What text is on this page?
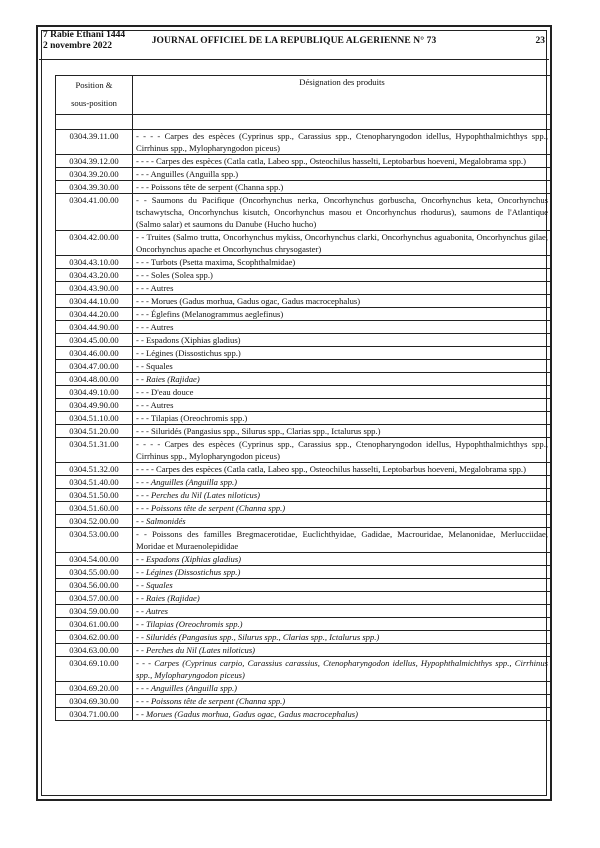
7 Rabie Ethani 1444
2 novembre 2022	JOURNAL OFFICIEL DE LA REPUBLIQUE ALGERIENNE N° 73	23
Position &
sous-position	Désignation des produits

0304.39.11.00	- - - - Carpes des espèces (Cyprinus spp., Carassius spp., Ctenopharyngodon idellus, Hypophthalmichthys spp., Cirrhinus spp., Mylopharyngodon piceus)
0304.39.12.00	- - - - Carpes des espèces (Catla catla, Labeo spp., Osteochilus hasselti, Leptobarbus hoeveni, Megalobrama spp.)
0304.39.20.00	- - - Anguilles (Anguilla spp.)
0304.39.30.00	- - - Poissons tête de serpent (Channa spp.)
0304.41.00.00	- - Saumons du Pacifique (Oncorhynchus nerka, Oncorhynchus gorbuscha, Oncorhynchus keta, Oncorhynchus tschawytscha, Oncorhynchus kisutch, Oncorhynchus masou et Oncorhynchus rhodurus), saumons de l'Atlantique (Salmo salar) et saumons du Danube (Hucho hucho)
0304.42.00.00	- - Truites (Salmo trutta, Oncorhynchus mykiss, Oncorhynchus clarki, Oncorhynchus aguabonita, Oncorhynchus gilae, Oncorhynchus apache et Oncorhynchus chrysogaster)
0304.43.10.00	- - - Turbots (Psetta maxima, Scophthalmidae)
0304.43.20.00	- - - Soles (Solea spp.)
0304.43.90.00	- - - Autres
0304.44.10.00	- - - Morues (Gadus morhua, Gadus ogac, Gadus macrocephalus)
0304.44.20.00	- - - Églefins (Melanogrammus aeglefinus)
0304.44.90.00	- - - Autres
0304.45.00.00	- - Espadons (Xiphias gladius)
0304.46.00.00	- - Légines (Dissostichus spp.)
0304.47.00.00	- - Squales
0304.48.00.00	- - Raies (Rajidae)
0304.49.10.00	- - - D'eau douce
0304.49.90.00	- - - Autres
0304.51.10.00	- - - Tilapias (Oreochromis spp.)
0304.51.20.00	- - - Siluridés (Pangasius spp., Silurus spp., Clarias spp., Ictalurus spp.)
0304.51.31.00	- - - - Carpes des espèces (Cyprinus spp., Carassius spp., Ctenopharyngodon idellus, Hypophthalmichthys spp., Cirrhinus spp., Mylopharyngodon piceus)
0304.51.32.00	- - - - Carpes des espèces (Catla catla, Labeo spp., Osteochilus hasselti, Leptobarbus hoeveni, Megalobrama spp.)
0304.51.40.00	- - - Anguilles (Anguilla spp.)
0304.51.50.00	- - - Perches du Nil (Lates niloticus)
0304.51.60.00	- - - Poissons tête de serpent (Channa spp.)
0304.52.00.00	- - Salmonidés
0304.53.00.00	- - Poissons des familles Bregmacerotidae, Euclichthyidae, Gadidae, Macrouridae, Melanonidae, Merlucciidae, Moridae et Muraenolepididae
0304.54.00.00	- - Espadons (Xiphias gladius)
0304.55.00.00	- - Légines (Dissostichus spp.)
0304.56.00.00	- - Squales
0304.57.00.00	- - Raies (Rajidae)
0304.59.00.00	- - Autres
0304.61.00.00	- - Tilapias (Oreochromis spp.)
0304.62.00.00	- - Siluridés (Pangasius spp., Silurus spp., Clarias spp., Ictalurus spp.)
0304.63.00.00	- - Perches du Nil (Lates niloticus)
0304.69.10.00	- - - Carpes (Cyprinus carpio, Carassius carassius, Ctenopharyngodon idellus, Hypophthalmichthys spp., Cirrhinus spp., Mylopharyngodon piceus)
0304.69.20.00	- - - Anguilles (Anguilla spp.)
0304.69.30.00	- - - Poissons tête de serpent (Channa spp.)
0304.71.00.00	- - Morues (Gadus morhua, Gadus ogac, Gadus macrocephalus)
